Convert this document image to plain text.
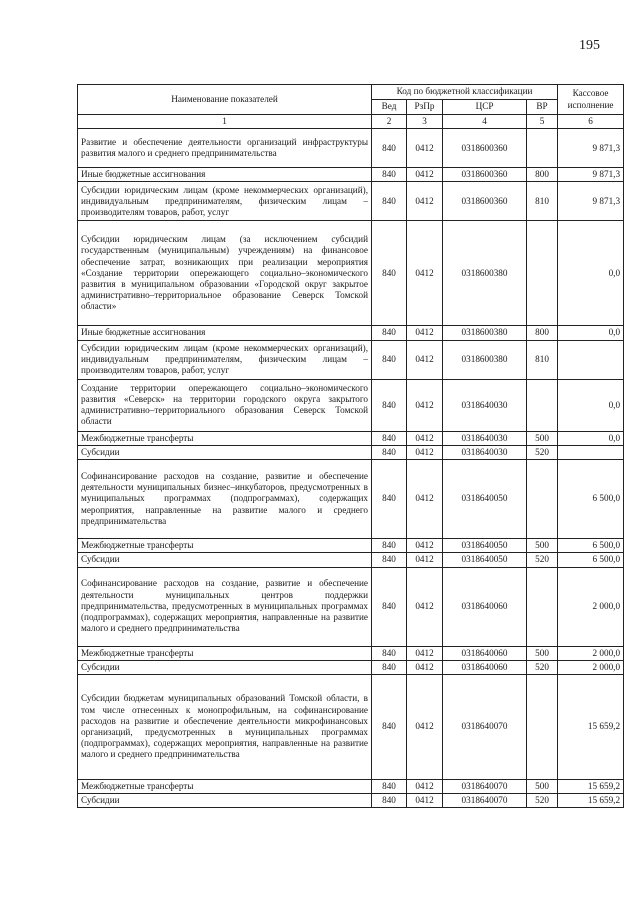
195
Наименование показателей	Код по бюджетной классификации				Кассовое исполнение
	Вед	РзПр	ЦСР	ВР	
1	2	3	4	5	6
Развитие и обеспечение деятельности организаций инфраструктуры развития малого и среднего предпринимательства	840	0412	0318600360		9 871,3
Иные бюджетные ассигнования	840	0412	0318600360	800	9 871,3
Субсидии юридическим лицам (кроме некоммерческих организаций), индивидуальным предпринимателям, физическим лицам – производителям товаров, работ, услуг	840	0412	0318600360	810	9 871,3
Субсидии юридическим лицам (за исключением субсидий государственным (муниципальным) учреждениям) на финансовое обеспечение затрат, возникающих при реализации мероприятия «Создание территории опережающего социально–экономического развития в муниципальном образовании «Городской округ закрытое административно–территориальное образование Северск Томской области»	840	0412	0318600380		0,0
Иные бюджетные ассигнования	840	0412	0318600380	800	0,0
Субсидии юридическим лицам (кроме некоммерческих организаций), индивидуальным предпринимателям, физическим лицам – производителям товаров, работ, услуг	840	0412	0318600380	810	
Создание территории опережающего социально–экономического развития «Северск» на территории городского округа закрытого административно–территориального образования Северск Томской области	840	0412	0318640030		0,0
Межбюджетные трансферты	840	0412	0318640030	500	0,0
Субсидии	840	0412	0318640030	520	
Софинансирование расходов на создание, развитие и обеспечение деятельности муниципальных бизнес–инкубаторов, предусмотренных в муниципальных программах (подпрограммах), содержащих мероприятия, направленные на развитие малого и среднего предпринимательства	840	0412	0318640050		6 500,0
Межбюджетные трансферты	840	0412	0318640050	500	6 500,0
Субсидии	840	0412	0318640050	520	6 500,0
Софинансирование расходов на создание, развитие и обеспечение деятельности муниципальных центров поддержки предпринимательства, предусмотренных в муниципальных программах (подпрограммах), содержащих мероприятия, направленные на развитие малого и среднего предпринимательства	840	0412	0318640060		2 000,0
Межбюджетные трансферты	840	0412	0318640060	500	2 000,0
Субсидии	840	0412	0318640060	520	2 000,0
Субсидии бюджетам муниципальных образований Томской области, в том числе отнесенных к монопрофильным, на софинансирование расходов на развитие и обеспечение деятельности микрофинансовых организаций, предусмотренных в муниципальных программах (подпрограммах), содержащих мероприятия, направленные на развитие малого и среднего предпринимательства	840	0412	0318640070		15 659,2
Межбюджетные трансферты	840	0412	0318640070	500	15 659,2
Субсидии	840	0412	0318640070	520	15 659,2
